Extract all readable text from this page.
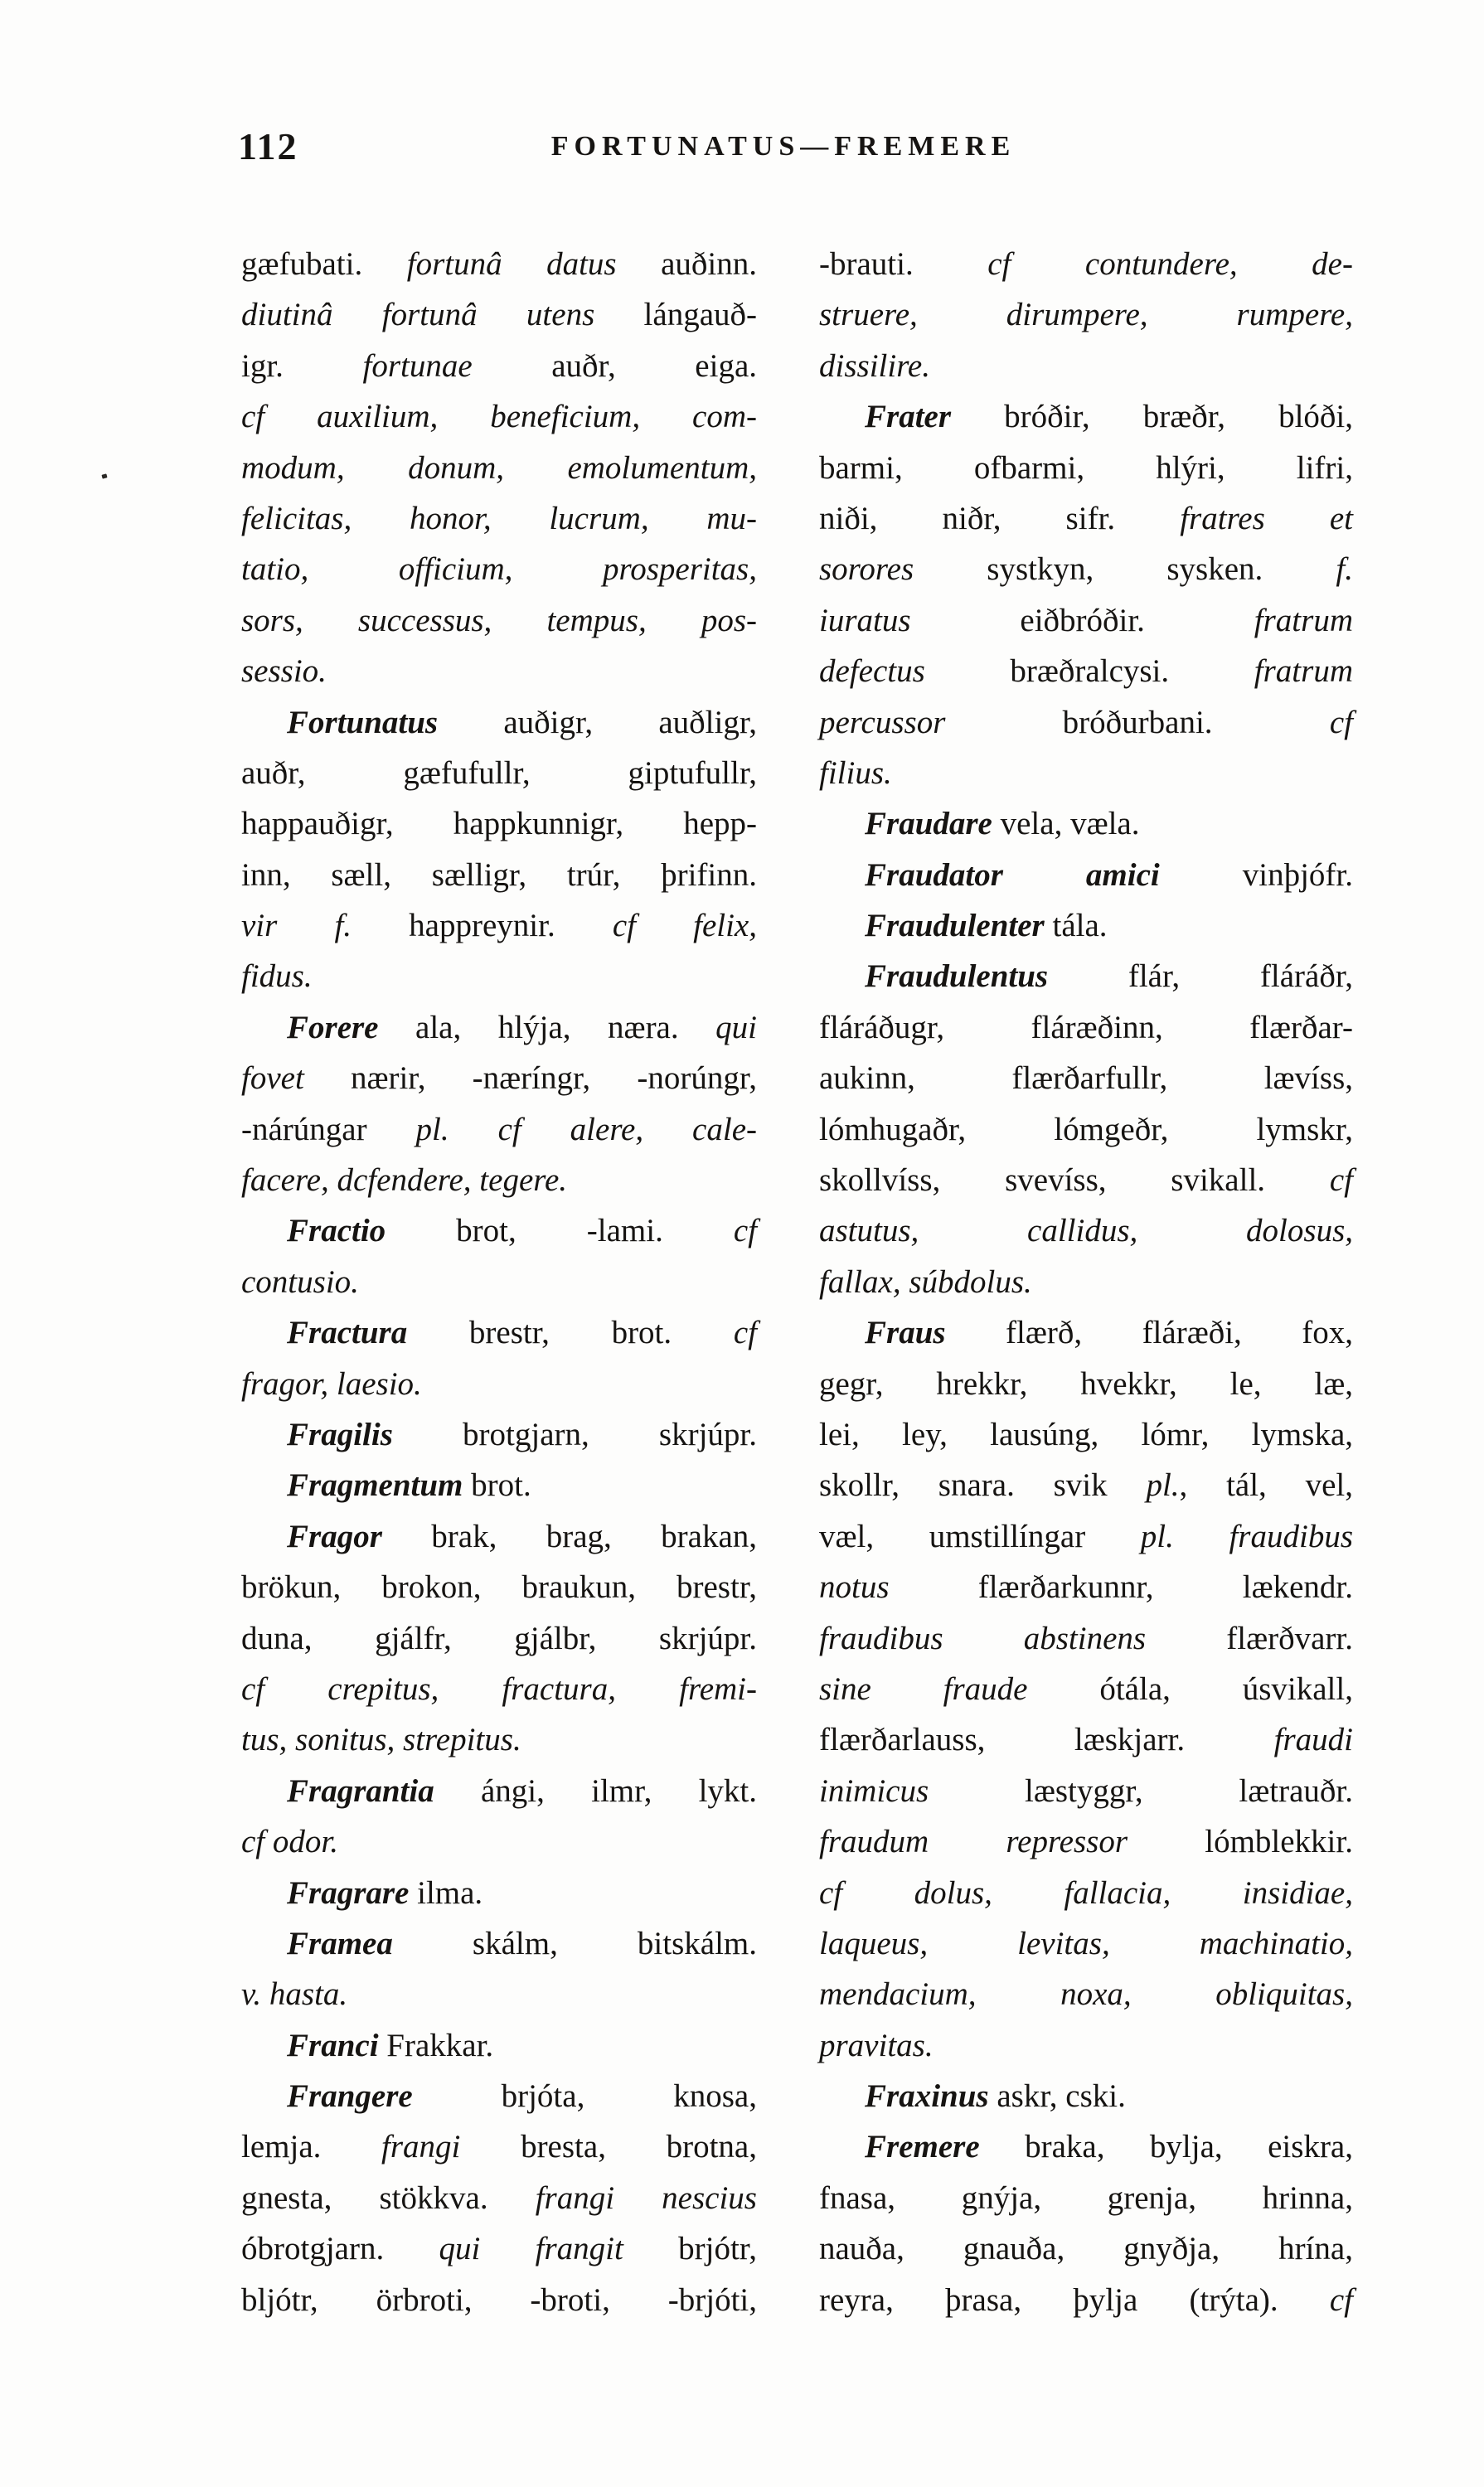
112	FORTUNATUS—FREMERE
gæfubati. fortunâ datus auðinn.
diutinâ fortunâ utens lángauð-
igr. fortunae auðr, eiga.
cf auxilium, beneficium, com-
modum, donum, emolumentum,
felicitas, honor, lucrum, mu-
tatio, officium, prosperitas,
sors, successus, tempus, pos-
sessio.
Fortunatus auðigr, auðligr,
auðr, gæfufullr, giptufullr,
happauðigr, happkunnigr, hepp-
inn, sæll, sælligr, trúr, þrifinn.
vir f. happreynir. cf felix,
fidus.
Forere ala, hlýja, næra. qui
fovet nærir, -næríngr, -norúngr,
-nárúngar pl. cf alere, cale-
facere, dcfendere, tegere.
Fractio brot, -lami. cf
contusio.
Fractura brestr, brot. cf
fragor, laesio.
Fragilis brotgjarn, skrjúpr.
Fragmentum brot.
Fragor brak, brag, brakan,
brökun, brokon, braukun, brestr,
duna, gjálfr, gjálbr, skrjúpr.
cf crepitus, fractura, fremi-
tus, sonitus, strepitus.
Fragrantia ángi, ilmr, lykt.
cf odor.
Fragrare ilma.
Framea skálm, bitskálm.
v. hasta.
Franci Frakkar.
Frangere brjóta, knosa,
lemja. frangi bresta, brotna,
gnesta, stökkva. frangi nescius
óbrotgjarn. qui frangit brjótr,
bljótr, örbroti, -broti, -brjóti,
-brauti. cf contundere, de-
struere, dirumpere, rumpere,
dissilire.
Frater bróðir, bræðr, blóði,
barmi, ofbarmi, hlýri, lifri,
niði, niðr, sifr. fratres et
sorores systkyn, sysken. f.
iuratus eiðbróðir. fratrum
defectus bræðralcysi. fratrum
percussor bróðurbani. cf
filius.
Fraudare vela, væla.
Fraudator amici vinþjófr.
Fraudulenter tála.
Fraudulentus flár, fláráðr,
fláráðugr, fláræðinn, flærðar-
aukinn, flærðarfullr, lævíss,
lómhugaðr, lómgeðr, lymskr,
skollvíss, svevíss, svikall. cf
astutus, callidus, dolosus,
fallax, súbdolus.
Fraus flærð, fláræði, fox,
gegr, hrekkr, hvekkr, le, læ,
lei, ley, lausúng, lómr, lymska,
skollr, snara. svik pl., tál, vel,
væl, umstillíngar pl. fraudibus
notus flærðarkunnr, lækendr.
fraudibus abstinens flærðvarr.
sine fraude ótála, úsvikall,
flærðarlauss, læskjarr. fraudi
inimicus læstyggr, lætrauðr.
fraudum repressor lómblekkir.
cf dolus, fallacia, insidiae,
laqueus, levitas, machinatio,
mendacium, noxa, obliquitas,
pravitas.
Fraxinus askr, cski.
Fremere braka, bylja, eiskra,
fnasa, gnýja, grenja, hrinna,
nauða, gnauða, gnyðja, hrína,
reyra, þrasa, þylja (trýta). cf
